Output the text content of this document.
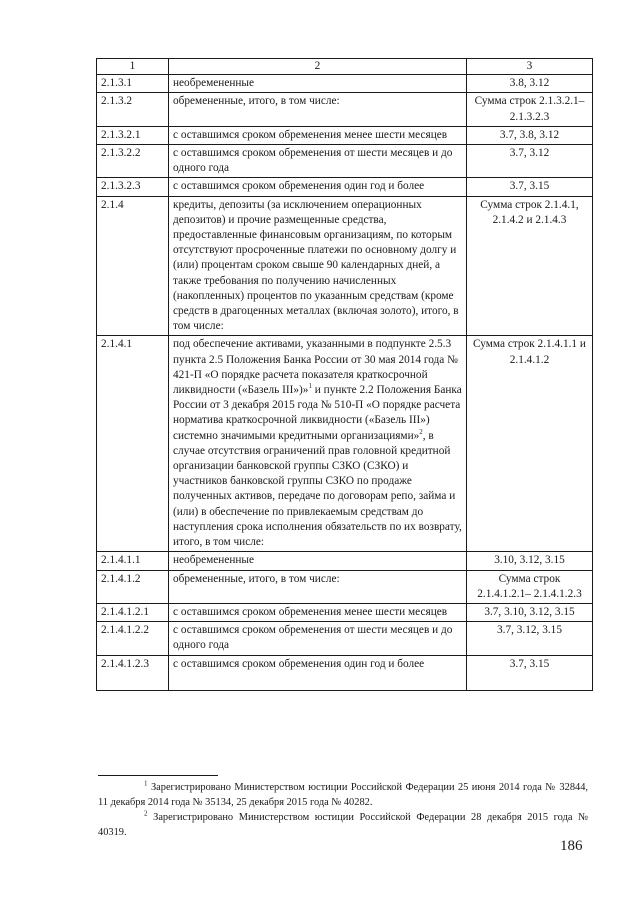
1	2	3
2.1.3.1	необремененные	3.8, 3.12
2.1.3.2	обремененные, итого, в том числе:	Сумма строк 2.1.3.2.1–2.1.3.2.3
2.1.3.2.1	с оставшимся сроком обременения менее шести месяцев	3.7, 3.8, 3.12
2.1.3.2.2	с оставшимся сроком обременения от шести месяцев и до одного года	3.7, 3.12
2.1.3.2.3	с оставшимся сроком обременения один год и более	3.7, 3.15
2.1.4	кредиты, депозиты (за исключением операционных депозитов) и прочие размещенные средства, предоставленные финансовым организациям, по которым отсутствуют просроченные платежи по основному долгу и (или) процентам сроком свыше 90 календарных дней, а также требования по получению начисленных (накопленных) процентов по указанным средствам (кроме средств в драгоценных металлах (включая золото), итого, в том числе:	Сумма строк 2.1.4.1, 2.1.4.2 и 2.1.4.3
2.1.4.1	под обеспечение активами, указанными в подпункте 2.5.3 пункта 2.5 Положения Банка России от 30 мая 2014 года № 421-П «О порядке расчета показателя краткосрочной ликвидности («Базель III»)»$^1$ и пункте 2.2 Положения Банка России от 3 декабря 2015 года № 510-П «О порядке расчета норматива краткосрочной ликвидности («Базель III») системно значимыми кредитными организациями»$^2$, в случае отсутствия ограничений прав головной кредитной организации банковской группы СЗКО (СЗКО) и участников банковской группы СЗКО по продаже полученных активов, передаче по договорам репо, займа и (или) в обеспечение по привлекаемым средствам до наступления срока исполнения обязательств по их возврату, итого, в том числе:	Сумма строк 2.1.4.1.1 и 2.1.4.1.2
2.1.4.1.1	необремененные	3.10, 3.12, 3.15
2.1.4.1.2	обремененные, итого, в том числе:	Сумма строк 2.1.4.1.2.1– 2.1.4.1.2.3
2.1.4.1.2.1	с оставшимся сроком обременения менее шести месяцев	3.7, 3.10, 3.12, 3.15
2.1.4.1.2.2	с оставшимся сроком обременения от шести месяцев и до одного года	3.7, 3.12, 3.15
2.1.4.1.2.3	с оставшимся сроком обременения один год и более	3.7, 3.15

$^1$ Зарегистрировано Министерством юстиции Российской Федерации 25 июня 2014 года № 32844, 11 декабря 2014 года № 35134, 25 декабря 2015 года № 40282.

$^2$ Зарегистрировано Министерством юстиции Российской Федерации 28 декабря 2015 года № 40319.

186
